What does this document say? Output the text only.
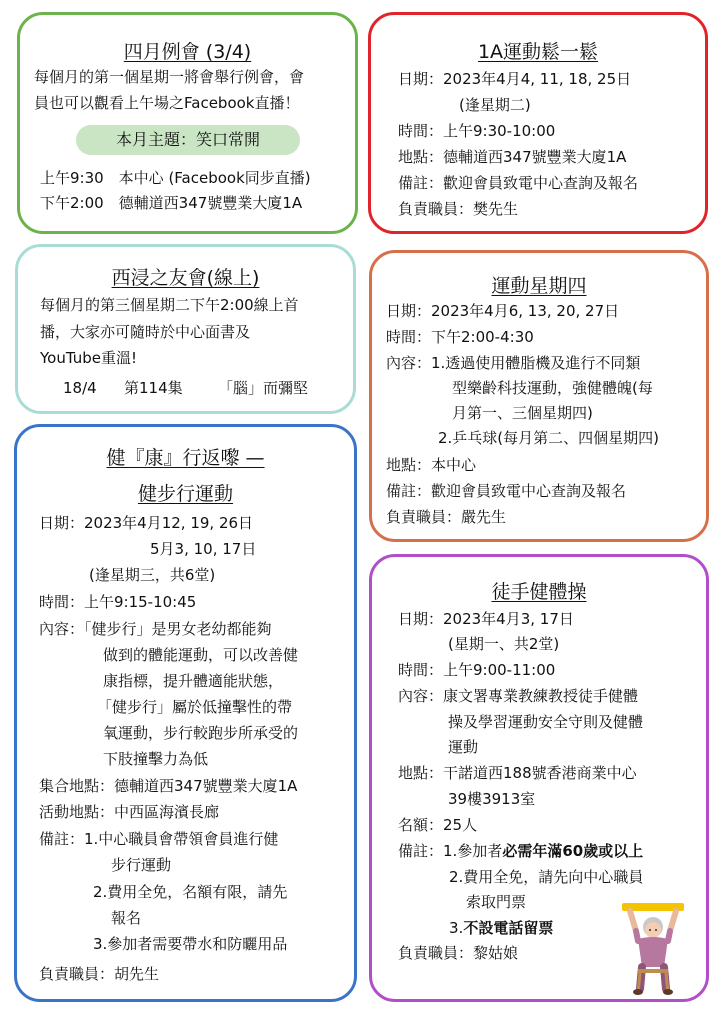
四月例會 (3/4)
每個月的第一個星期一將會舉行例會，會
員也可以觀看上午場之Facebook直播！
本月主題：笑口常開
上午9:30　本中心 (Facebook同步直播)
下午2:00　德輔道西347號豐業大廈1A
1A運動鬆一鬆
日期：2023年4月4, 11, 18, 25日
(逢星期二)
時間：上午9:30-10:00
地點：德輔道西347號豐業大廈1A
備註：歡迎會員致電中心查詢及報名
負責職員：樊先生
西浸之友會(線上)
每個月的第三個星期二下午2:00線上首
播，大家亦可隨時於中心面書及
YouTube重溫!
18/4 第114集 「腦」而彌堅
運動星期四
日期：2023年4月6, 13, 20, 27日
時間：下午2:00-4:30
內容：1.透過使用體脂機及進行不同類
型樂齡科技運動，強健體魄(每
月第一、三個星期四)
2.乒乓球(每月第二、四個星期四)
地點：本中心
備註：歡迎會員致電中心查詢及報名
負責職員：嚴先生
健『康』行返嚟 —
健步行運動
日期：2023年4月12, 19, 26日
5月3, 10, 17日
(逢星期三，共6堂)
時間：上午9:15-10:45
內容：「健步行」是男女老幼都能夠
做到的體能運動，可以改善健
康指標，提升體適能狀態，
「健步行」屬於低撞擊性的帶
氧運動，步行較跑步所承受的
下肢撞擊力為低
集合地點：德輔道西347號豐業大廈1A
活動地點：中西區海濱長廊
備註：1.中心職員會帶領會員進行健
步行運動
2.費用全免，名額有限，請先
報名
3.參加者需要帶水和防曬用品
負責職員：胡先生
徒手健體操
日期：2023年4月3, 17日
(星期一、共2堂)
時間：上午9:00-11:00
內容：康文署專業教練教授徒手健體
操及學習運動安全守則及健體
運動
地點：干諾道西188號香港商業中心
39樓3913室
名額：25人
備註：1.參加者必需年滿60歲或以上
2.費用全免，請先向中心職員
索取門票
3.不設電話留票
負責職員：黎姑娘
